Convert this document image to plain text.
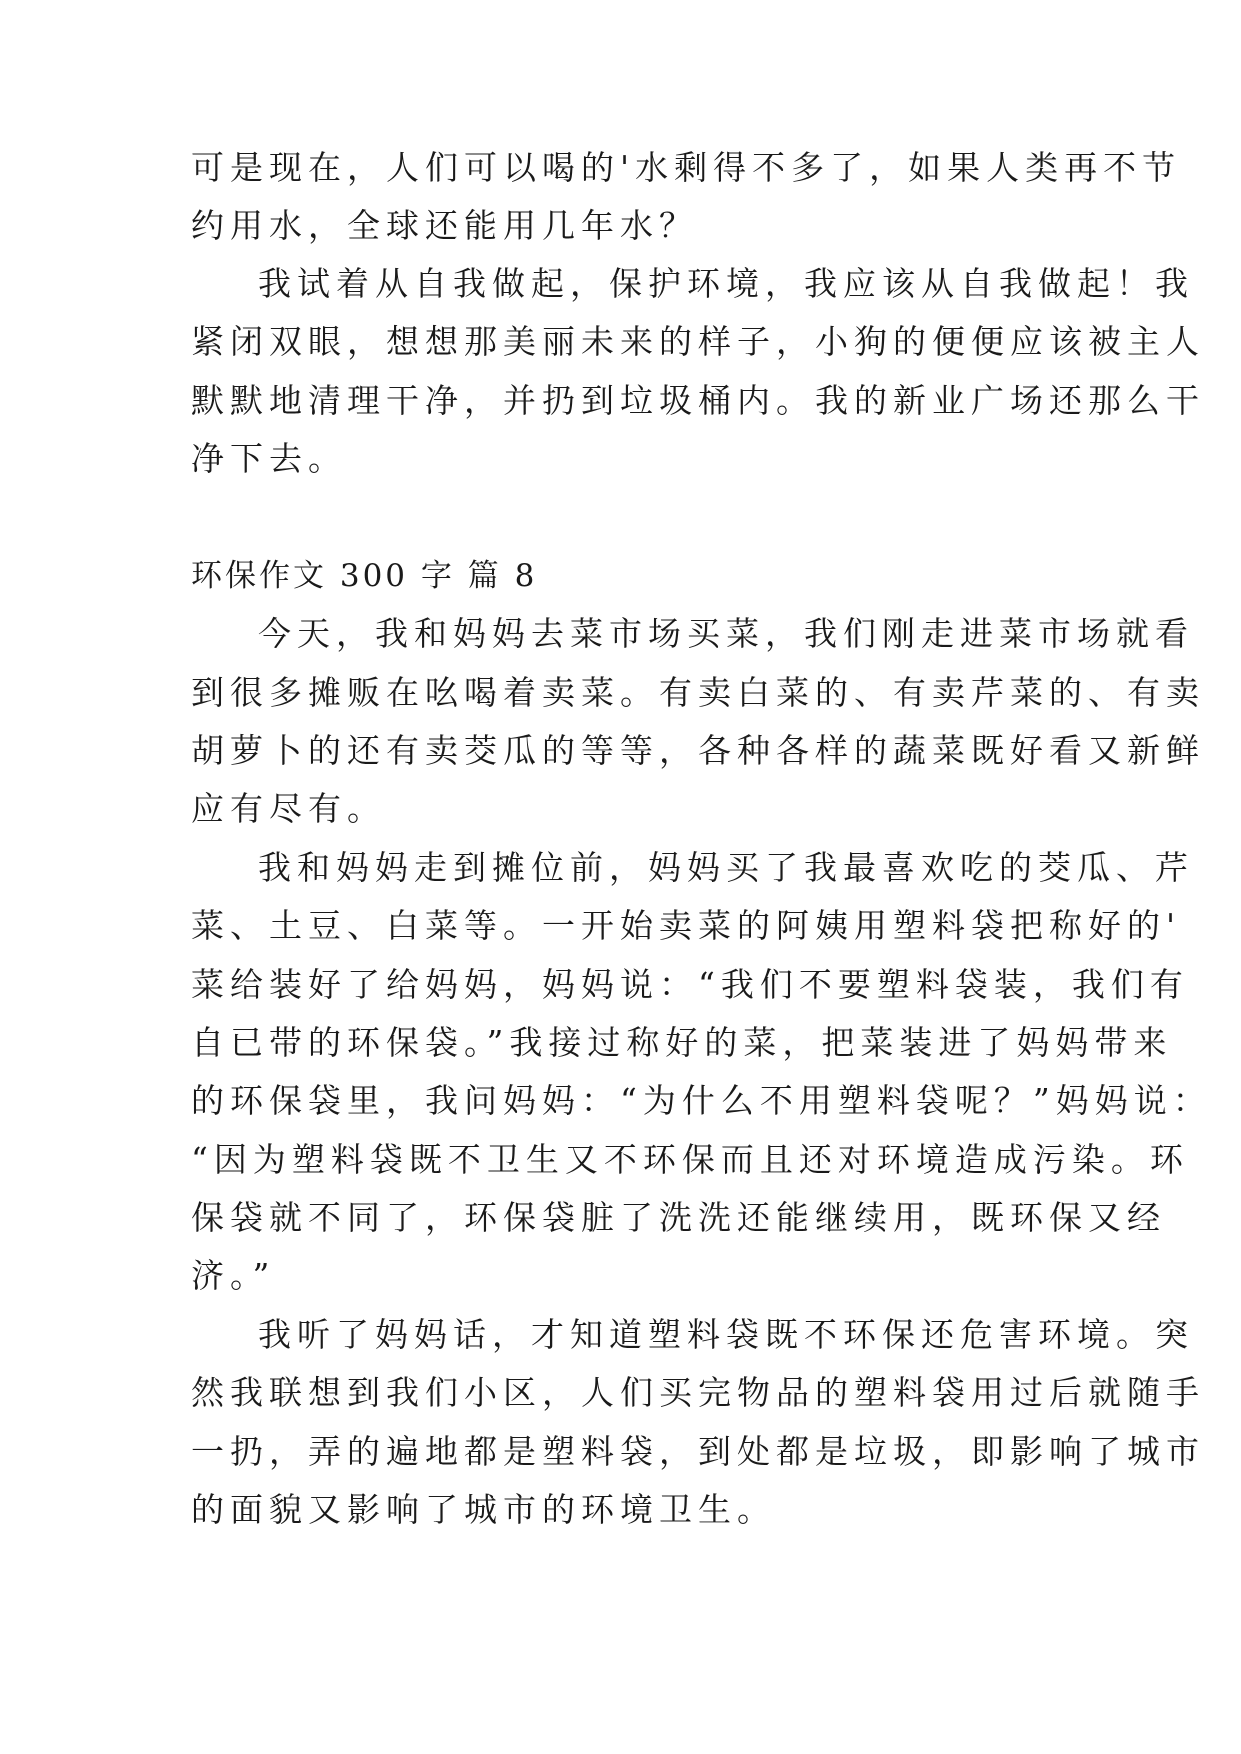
可是现在，人们可以喝的'水剩得不多了，如果人类再不节
约用水，全球还能用几年水？
我试着从自我做起，保护环境，我应该从自我做起！我
紧闭双眼，想想那美丽未来的样子，小狗的便便应该被主人
默默地清理干净，并扔到垃圾桶内。我的新业广场还那么干
净下去。
环保作文 300 字 篇 8
今天，我和妈妈去菜市场买菜，我们刚走进菜市场就看
到很多摊贩在吆喝着卖菜。有卖白菜的、有卖芹菜的、有卖
胡萝卜的还有卖茭瓜的等等，各种各样的蔬菜既好看又新鲜
应有尽有。
我和妈妈走到摊位前，妈妈买了我最喜欢吃的茭瓜、芹
菜、土豆、白菜等。一开始卖菜的阿姨用塑料袋把称好的'
菜给装好了给妈妈，妈妈说：“我们不要塑料袋装，我们有
自已带的环保袋。”我接过称好的菜，把菜装进了妈妈带来
的环保袋里，我问妈妈：“为什么不用塑料袋呢？”妈妈说：
“因为塑料袋既不卫生又不环保而且还对环境造成污染。环
保袋就不同了，环保袋脏了洗洗还能继续用，既环保又经
济。”
我听了妈妈话，才知道塑料袋既不环保还危害环境。突
然我联想到我们小区，人们买完物品的塑料袋用过后就随手
一扔，弄的遍地都是塑料袋，到处都是垃圾，即影响了城市
的面貌又影响了城市的环境卫生。
